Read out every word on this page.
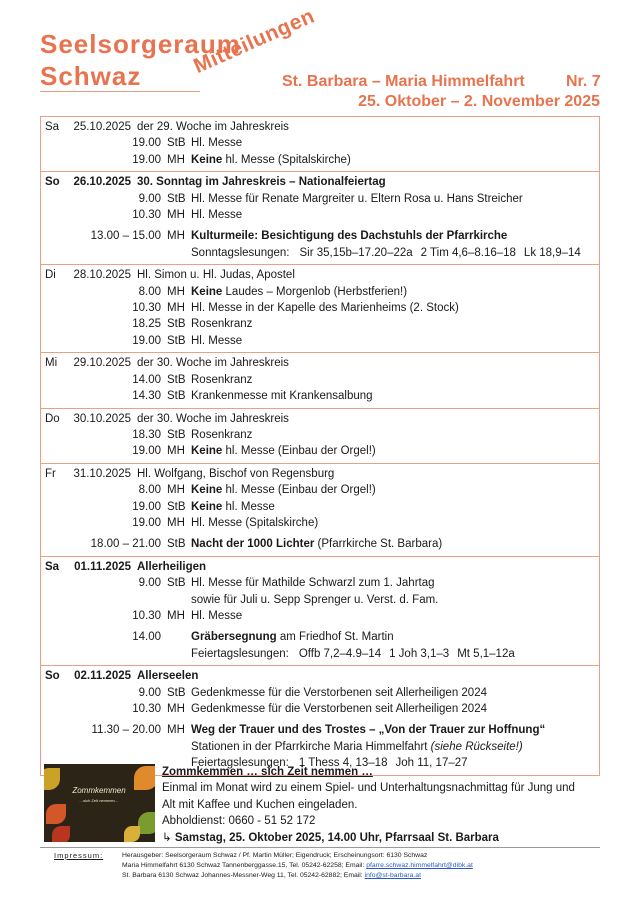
Seelsorgeraum
Schwaz Mitteilungen
St. Barbara – Maria Himmelfahrt	Nr. 7
25. Oktober – 2. November 2025
Sa	25.10.2025 der 29. Woche im Jahreskreis
19.00 StB Hl. Messe
19.00 MH Keine hl. Messe (Spitalskirche)
So	26.10.2025 30. Sonntag im Jahreskreis – Nationalfeiertag
9.00 StB Hl. Messe für Renate Margreiter u. Eltern Rosa u. Hans Streicher
10.30 MH Hl. Messe
13.00 – 15.00 MH Kulturmeile: Besichtigung des Dachstuhls der Pfarrkirche
Sonntagslesungen: Sir 35,15b–17.20–22a 2 Tim 4,6–8.16–18 Lk 18,9–14
Di	28.10.2025 Hl. Simon u. Hl. Judas, Apostel
8.00 MH Keine Laudes – Morgenlob (Herbstferien!)
10.30 MH Hl. Messe in der Kapelle des Marienheims (2. Stock)
18.25 StB Rosenkranz
19.00 StB Hl. Messe
Mi	29.10.2025 der 30. Woche im Jahreskreis
14.00 StB Rosenkranz
14.30 StB Krankenmesse mit Krankensalbung
Do	30.10.2025 der 30. Woche im Jahreskreis
18.30 StB Rosenkranz
19.00 MH Keine hl. Messe (Einbau der Orgel!)
Fr	31.10.2025 Hl. Wolfgang, Bischof von Regensburg
8.00 MH Keine hl. Messe (Einbau der Orgel!)
19.00 StB Keine hl. Messe
19.00 MH Hl. Messe (Spitalskirche)
18.00 – 21.00 StB Nacht der 1000 Lichter (Pfarrkirche St. Barbara)
Sa	01.11.2025 Allerheiligen
9.00 StB Hl. Messe für Mathilde Schwarzl zum 1. Jahrtag
sowie für Juli u. Sepp Sprenger u. Verst. d. Fam.
10.30 MH Hl. Messe
14.00	Gräbersegnung am Friedhof St. Martin
Feiertagslesungen: Offb 7,2–4.9–14 1 Joh 3,1–3 Mt 5,1–12a
So	02.11.2025 Allerseelen
9.00 StB Gedenkmesse für die Verstorbenen seit Allerheiligen 2024
10.30 MH Gedenkmesse für die Verstorbenen seit Allerheiligen 2024
11.30 – 20.00 MH Weg der Trauer und des Trostes – „Von der Trauer zur Hoffnung“
Stationen in der Pfarrkirche Maria Himmelfahrt (siehe Rückseite!)
Feiertagslesungen: 1 Thess 4, 13–18 Joh 11, 17–27
Zommkemmen
…sich Zeit nemmen…
Zommkemmen … sich Zeit nemmen …
Einmal im Monat wird zu einem Spiel- und Unterhaltungsnachmittag für Jung und
Alt mit Kaffee und Kuchen eingeladen.
Abholdienst: 0660 - 51 52 172
↳ Samstag, 25. Oktober 2025, 14.00 Uhr, Pfarrsaal St. Barbara
Impressum:	Herausgeber: Seelsorgeraum Schwaz / Pf. Martin Müller; Eigendruck; Erscheinungsort: 6130 Schwaz
Maria Himmelfahrt 6130 Schwaz Tannenberggasse.15, Tel. 05242-62258; Email: pfarre.schwaz.himmelfahrt@dibk.at
St. Barbara 6130 Schwaz Johannes-Messner-Weg 11, Tel. 05242-62882; Email: info@st-barbara.at
